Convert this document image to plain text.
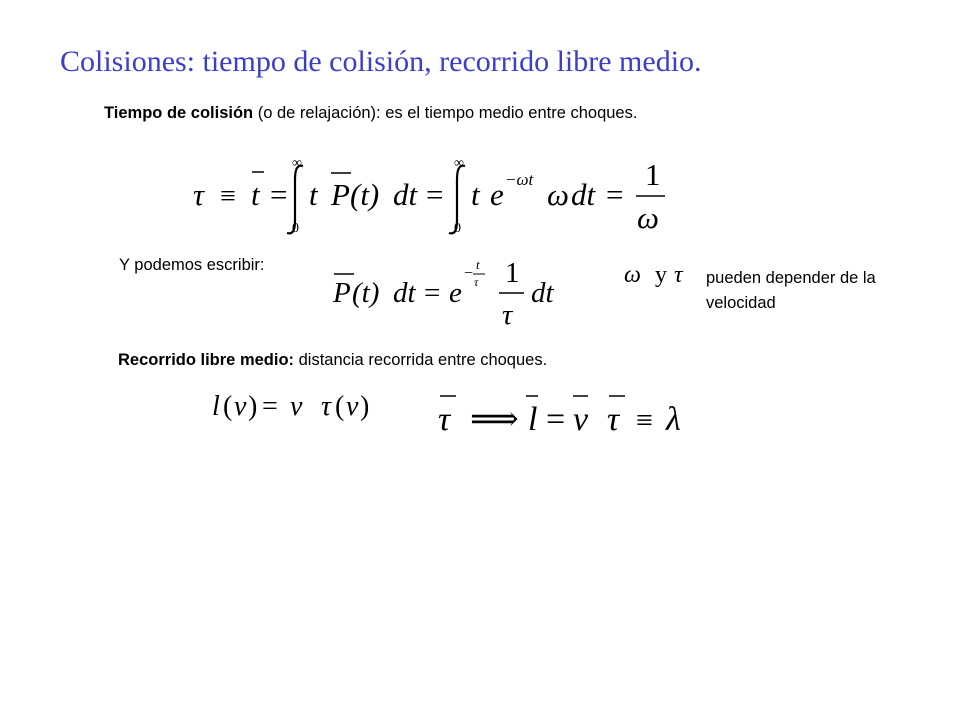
Colisiones: tiempo de colisión, recorrido libre medio.
Tiempo de colisión (o de relajación): es el tiempo medio entre choques.
τ ≡ t =
∞
0
t P (t) dt =
∞
0
t e −ωt ω dt =
1
ω
Y podemos escribir:
P (t) dt = e
−
t
τ 1
τ
dt
ω y τ pueden depender de la
velocidad
Recorrido libre medio: distancia recorrida entre choques.
l ( v ) = v τ ( v ) τ ⟹ l = v τ ≡ λ
